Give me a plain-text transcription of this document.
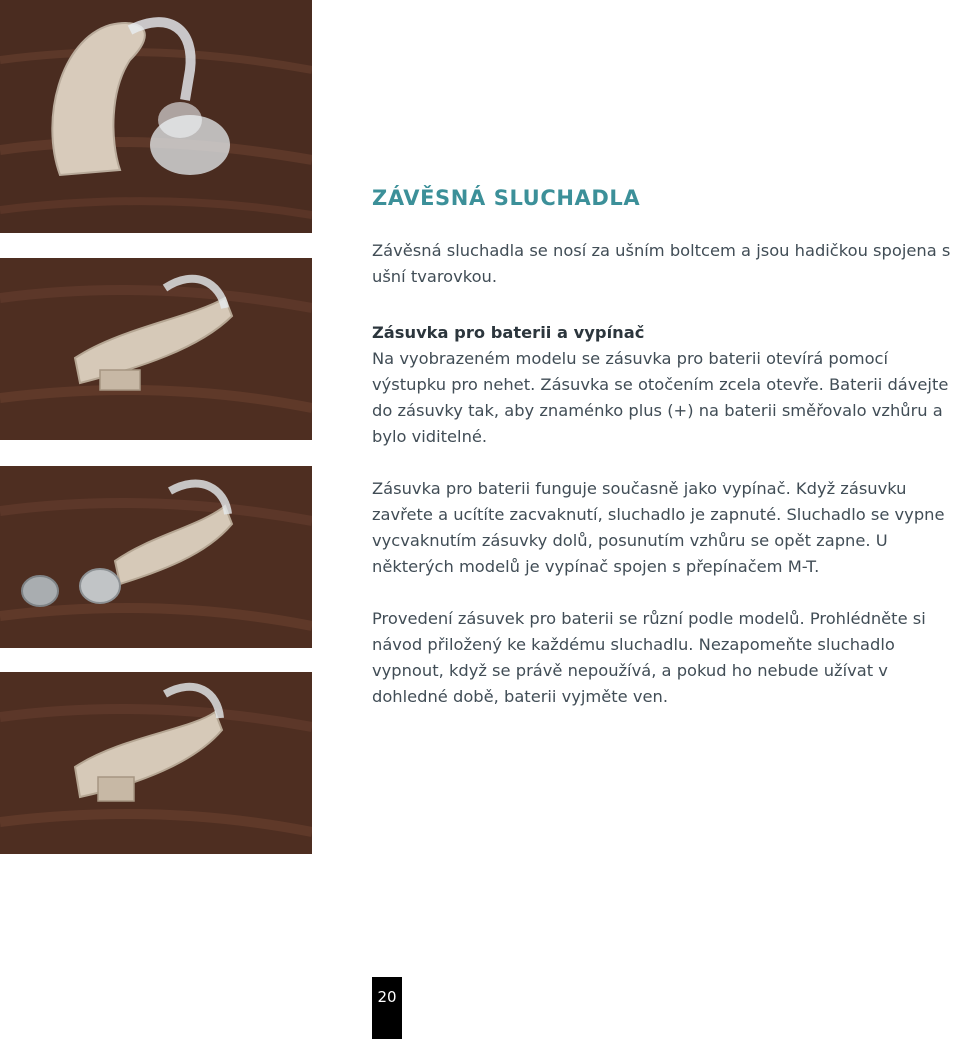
ZÁVĚSNÁ SLUCHADLA

Závěsná sluchadla se nosí za ušním boltcem a jsou hadičkou spojena s ušní tvarovkou.

Zásuvka pro baterii a vypínač

Na vyobrazeném modelu se zásuvka pro baterii otevírá pomocí výstupku pro nehet. Zásuvka se otočením zcela otevře. Baterii dávejte do zásuvky tak, aby znaménko plus (+) na baterii směřovalo vzhůru a bylo viditelné.

Zásuvka pro baterii funguje současně jako vypínač. Když zásuvku zavřete a ucítíte zacvaknutí, sluchadlo je zapnuté. Sluchadlo se vypne vycvaknutím zásuvky dolů, posunutím vzhůru se opět zapne. U některých modelů je vypínač spojen s přepínačem M-T.

Provedení zásuvek pro baterii se různí podle modelů. Prohlédněte si návod přiložený ke každému sluchadlu. Nezapomeňte sluchadlo vypnout, když se právě nepoužívá, a pokud ho nebude užívat v dohledné době, baterii vyjměte ven.

20
